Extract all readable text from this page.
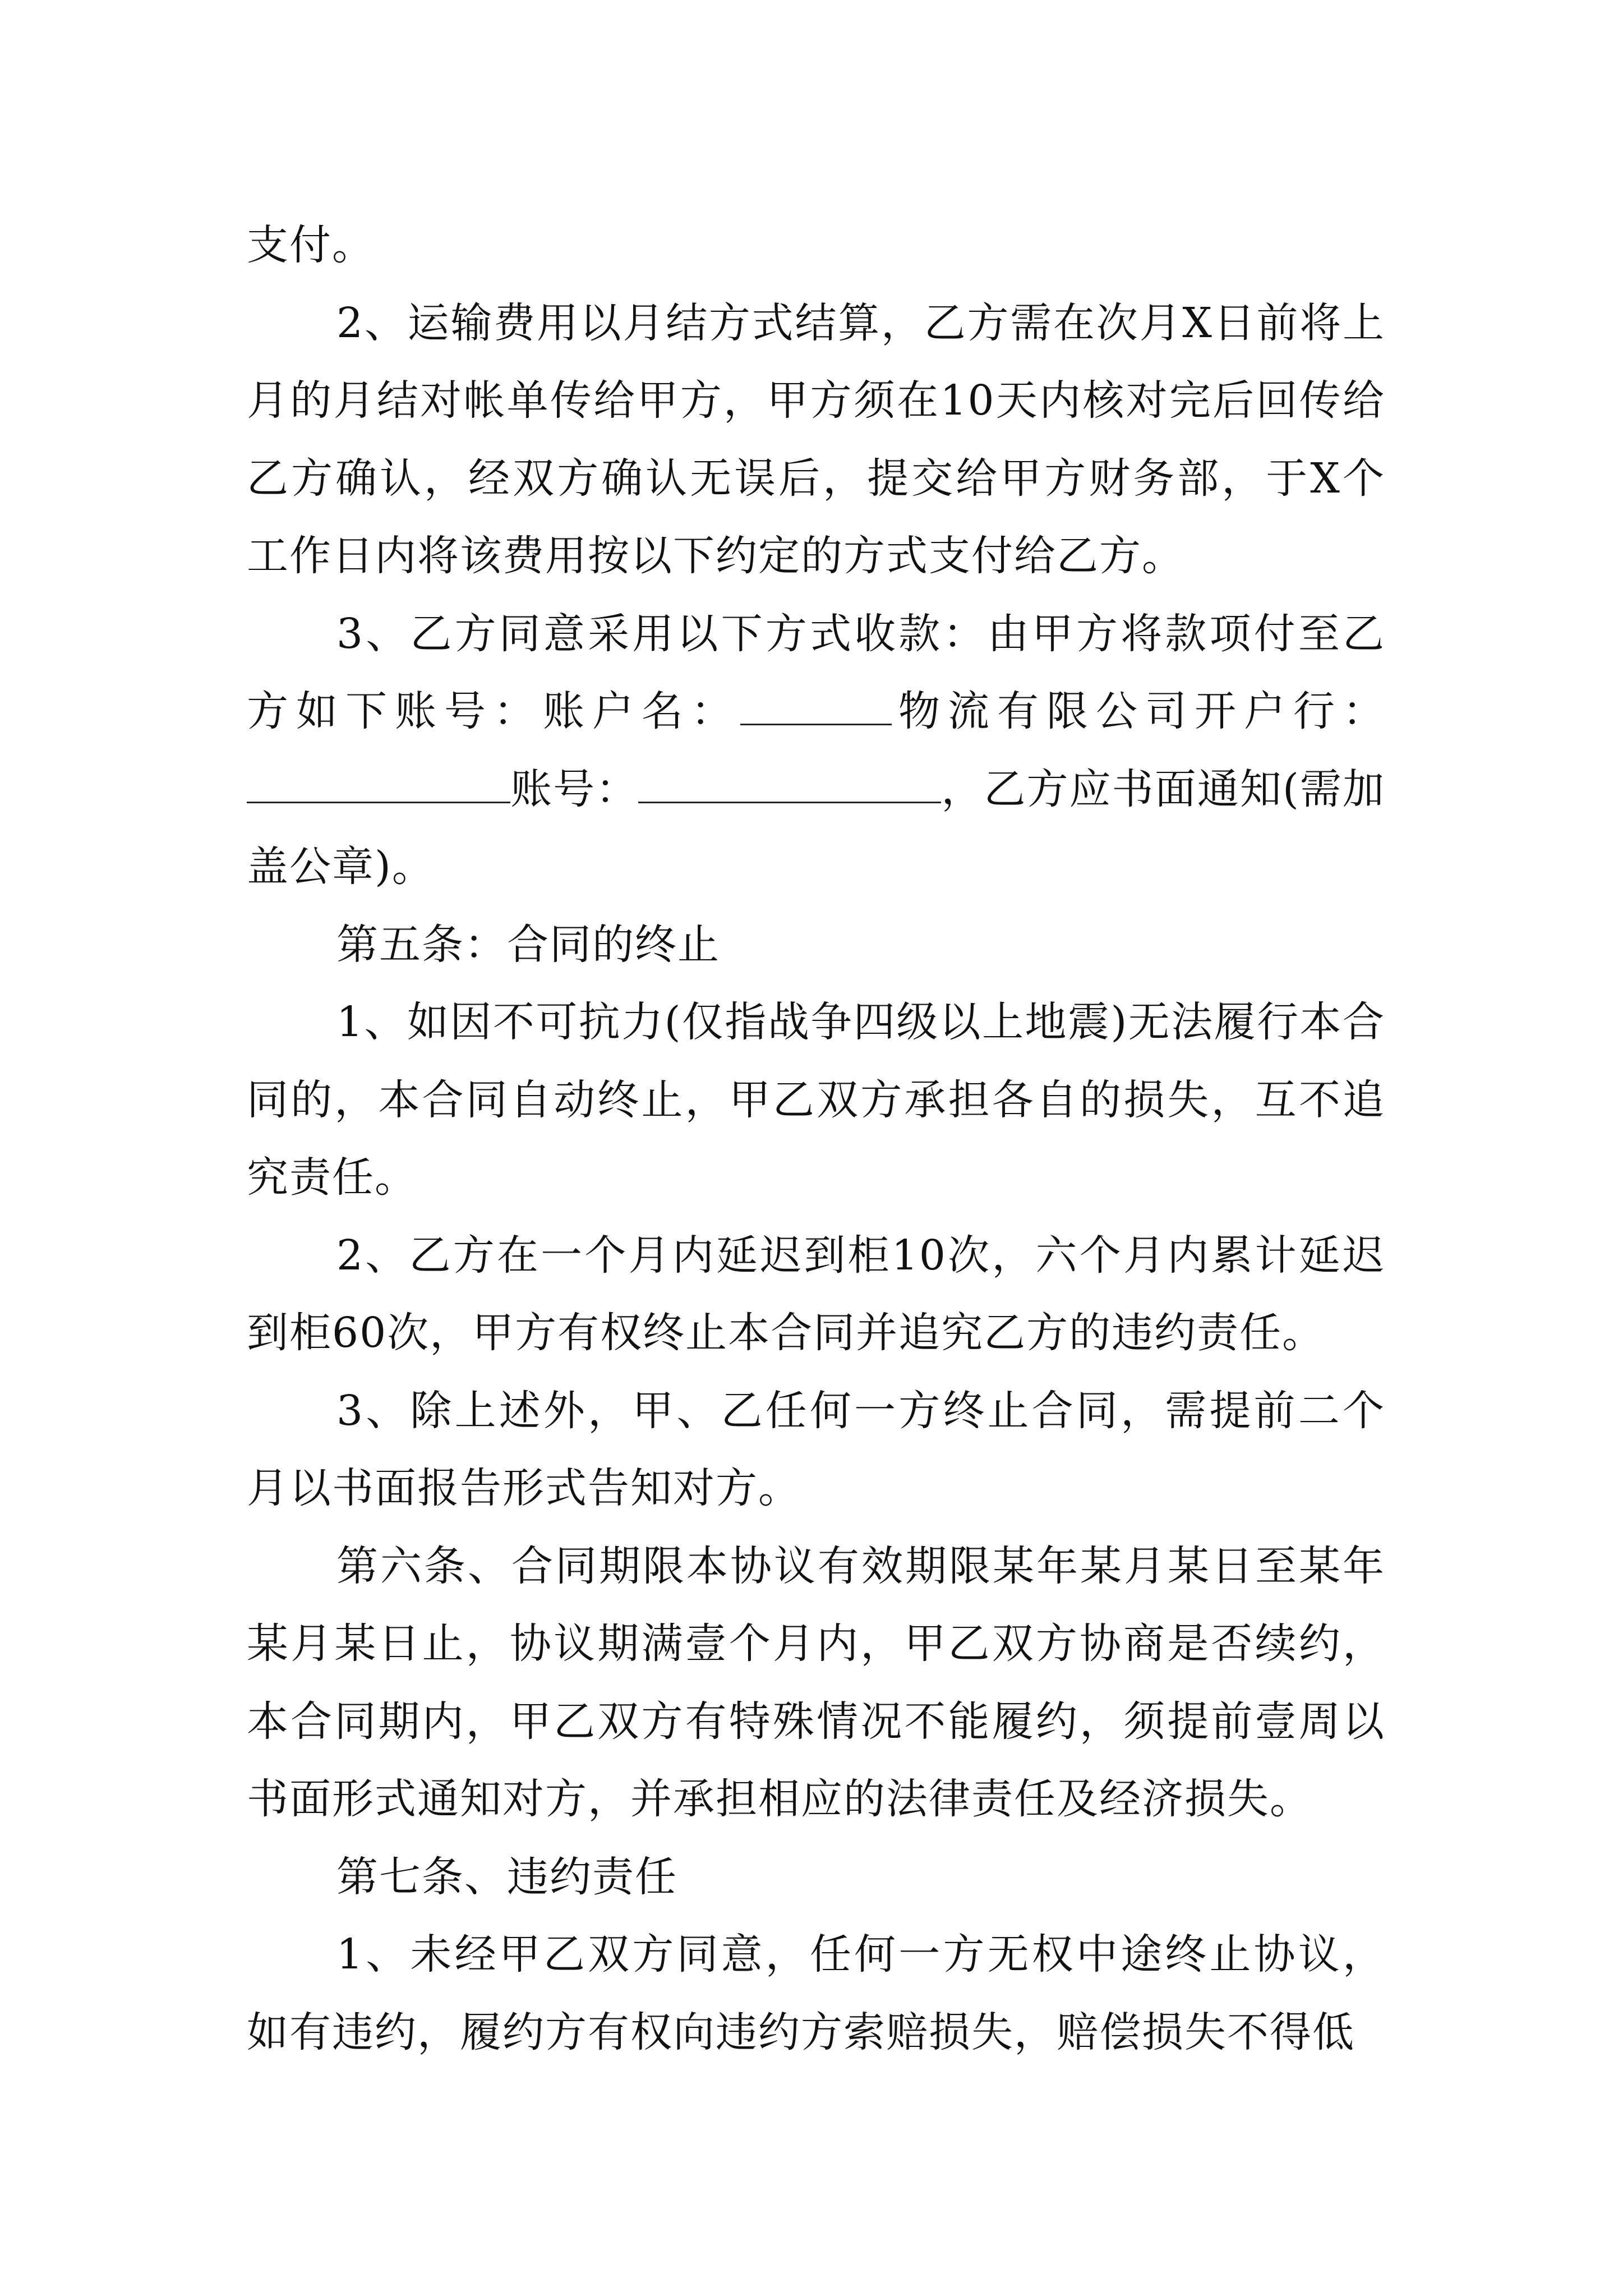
支付。

2、运输费用以月结方式结算，乙方需在次月X日前将上月的月结对帐单传给甲方，甲方须在10天内核对完后回传给乙方确认，经双方确认无误后，提交给甲方财务部，于X个工作日内将该费用按以下约定的方式支付给乙方。

3、乙方同意采用以下方式收款：由甲方将款项付至乙方如下账号：账户名：	物流有限公司开户行：账号：	，乙方应书面通知(需加盖公章)。

第五条：合同的终止

1、如因不可抗力(仅指战争四级以上地震)无法履行本合同的，本合同自动终止，甲乙双方承担各自的损失，互不追究责任。

2、乙方在一个月内延迟到柜10次，六个月内累计延迟到柜60次，甲方有权终止本合同并追究乙方的违约责任。

3、除上述外，甲、乙任何一方终止合同，需提前二个月以书面报告形式告知对方。

第六条、合同期限本协议有效期限某年某月某日至某年某月某日止，协议期满壹个月内，甲乙双方协商是否续约，本合同期内，甲乙双方有特殊情况不能履约，须提前壹周以书面形式通知对方，并承担相应的法律责任及经济损失。

第七条、违约责任

1、未经甲乙双方同意，任何一方无权中途终止协议，如有违约，履约方有权向违约方索赔损失，赔偿损失不得低
